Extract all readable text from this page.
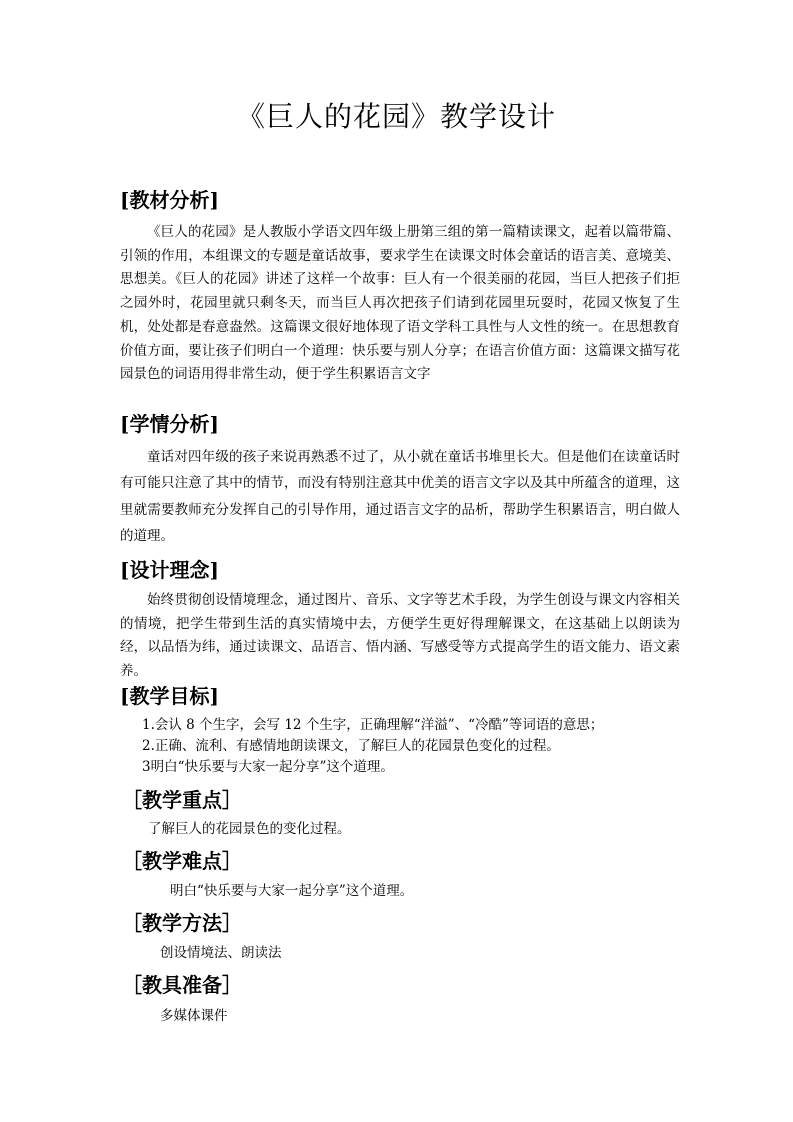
《巨人的花园》教学设计
[教材分析]
《巨人的花园》是人教版小学语文四年级上册第三组的第一篇精读课文，起着以篇带篇、引领的作用，本组课文的专题是童话故事，要求学生在读课文时体会童话的语言美、意境美、思想美。《巨人的花园》讲述了这样一个故事：巨人有一个很美丽的花园，当巨人把孩子们拒之园外时，花园里就只剩冬天，而当巨人再次把孩子们请到花园里玩耍时，花园又恢复了生机，处处都是春意盎然。这篇课文很好地体现了语文学科工具性与人文性的统一。在思想教育价值方面，要让孩子们明白一个道理：快乐要与别人分享；在语言价值方面：这篇课文描写花园景色的词语用得非常生动，便于学生积累语言文字
[学情分析]
童话对四年级的孩子来说再熟悉不过了，从小就在童话书堆里长大。但是他们在读童话时有可能只注意了其中的情节，而没有特别注意其中优美的语言文字以及其中所蕴含的道理，这里就需要教师充分发挥自己的引导作用，通过语言文字的品析，帮助学生积累语言，明白做人的道理。
[设计理念]
始终贯彻创设情境理念，通过图片、音乐、文字等艺术手段，为学生创设与课文内容相关的情境，把学生带到生活的真实情境中去，方便学生更好得理解课文，在这基础上以朗读为经，以品悟为纬，通过读课文、品语言、悟内涵、写感受等方式提高学生的语文能力、语文素养。
[教学目标]
1.会认 8 个生字，会写 12 个生字，正确理解“洋溢”、“冷酷”等词语的意思；
2.正确、流利、有感情地朗读课文，了解巨人的花园景色变化的过程。
3明白“快乐要与大家一起分享”这个道理。
［教学重点］
了解巨人的花园景色的变化过程。
［教学难点］
明白“快乐要与大家一起分享”这个道理。
［教学方法］
创设情境法、朗读法
［教具准备］
多媒体课件
